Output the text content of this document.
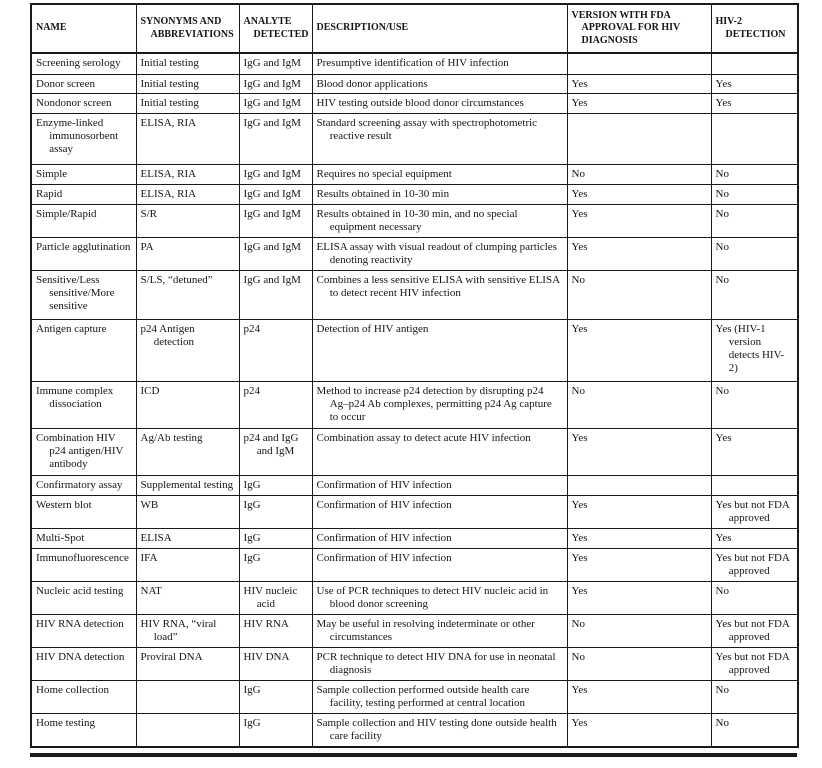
NAME	SYNONYMS AND ABBREVIATIONS	ANALYTE DETECTED	DESCRIPTION/USE	VERSION WITH FDA APPROVAL FOR HIV DIAGNOSIS	HIV-2 DETECTION

Screening serology	Initial testing	IgG and IgM	Presumptive identification of HIV infection		

Donor screen	Initial testing	IgG and IgM	Blood donor applications	Yes	Yes

Nondonor screen	Initial testing	IgG and IgM	HIV testing outside blood donor circumstances	Yes	Yes

Enzyme-linked immunosorbent assay	ELISA, RIA	IgG and IgM	Standard screening assay with spectrophotometric reactive result		

Simple	ELISA, RIA	IgG and IgM	Requires no special equipment	No	No

Rapid	ELISA, RIA	IgG and IgM	Results obtained in 10-30 min	Yes	No

Simple/Rapid	S/R	IgG and IgM	Results obtained in 10-30 min, and no special equipment necessary	Yes	No

Particle agglutination	PA	IgG and IgM	ELISA assay with visual readout of clumping particles denoting reactivity	Yes	No

Sensitive/Less sensitive/More sensitive	S/LS, “detuned”	IgG and IgM	Combines a less sensitive ELISA with sensitive ELISA to detect recent HIV infection	No	No

Antigen capture	p24 Antigen detection	p24	Detection of HIV antigen	Yes	Yes (HIV-1 version detects HIV-2)

Immune complex dissociation	ICD	p24	Method to increase p24 detection by disrupting p24 Ag–p24 Ab complexes, permitting p24 Ag capture to occur	No	No

Combination HIV p24 antigen/HIV antibody	Ag/Ab testing	p24 and IgG and IgM	Combination assay to detect acute HIV infection	Yes	Yes

Confirmatory assay	Supplemental testing	IgG	Confirmation of HIV infection		

Western blot	WB	IgG	Confirmation of HIV infection	Yes	Yes but not FDA approved

Multi-Spot	ELISA	IgG	Confirmation of HIV infection	Yes	Yes

Immunofluorescence	IFA	IgG	Confirmation of HIV infection	Yes	Yes but not FDA approved

Nucleic acid testing	NAT	HIV nucleic acid	Use of PCR techniques to detect HIV nucleic acid in blood donor screening	Yes	No

HIV RNA detection	HIV RNA, “viral load”	HIV RNA	May be useful in resolving indeterminate or other circumstances	No	Yes but not FDA approved

HIV DNA detection	Proviral DNA	HIV DNA	PCR technique to detect HIV DNA for use in neonatal diagnosis	No	Yes but not FDA approved

Home collection		IgG	Sample collection performed outside health care facility, testing performed at central location	Yes	No

Home testing		IgG	Sample collection and HIV testing done outside health care facility	Yes	No
